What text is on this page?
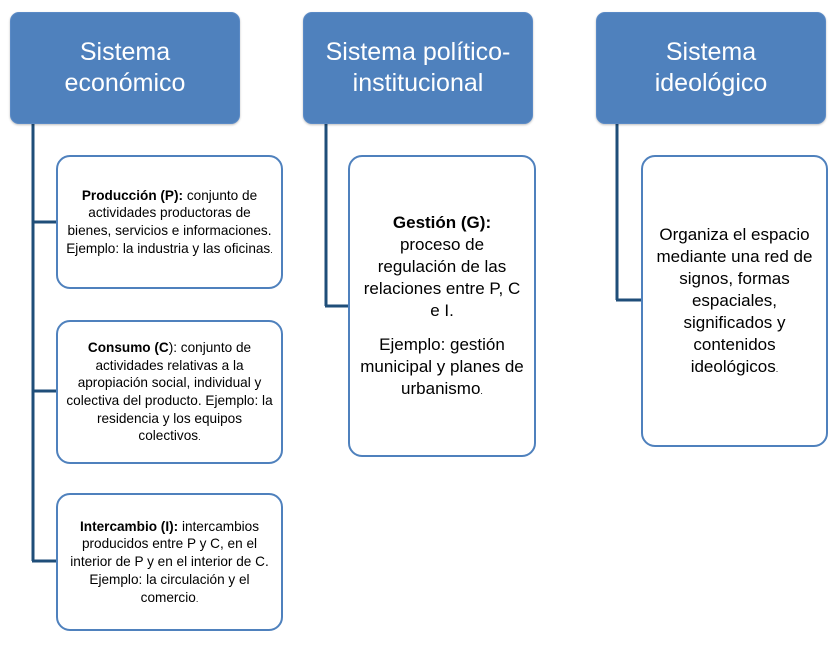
Sistema
económico

Producción (P): conjunto de actividades productoras de bienes, servicios e informaciones. Ejemplo: la industria y las oficinas.

Consumo (C): conjunto de actividades relativas a la apropiación social, individual y colectiva del producto. Ejemplo: la residencia y los equipos colectivos.

Intercambio (I): intercambios producidos entre P y C, en el interior de P y en el interior de C. Ejemplo: la circulación y el comercio.

Sistema político-
institucional

Gestión (G):

proceso de regulación de las relaciones entre P, C e I.

Ejemplo: gestión municipal y planes de urbanismo.

Sistema
ideológico

Organiza el espacio mediante una red de signos, formas espaciales, significados y contenidos ideológicos.
